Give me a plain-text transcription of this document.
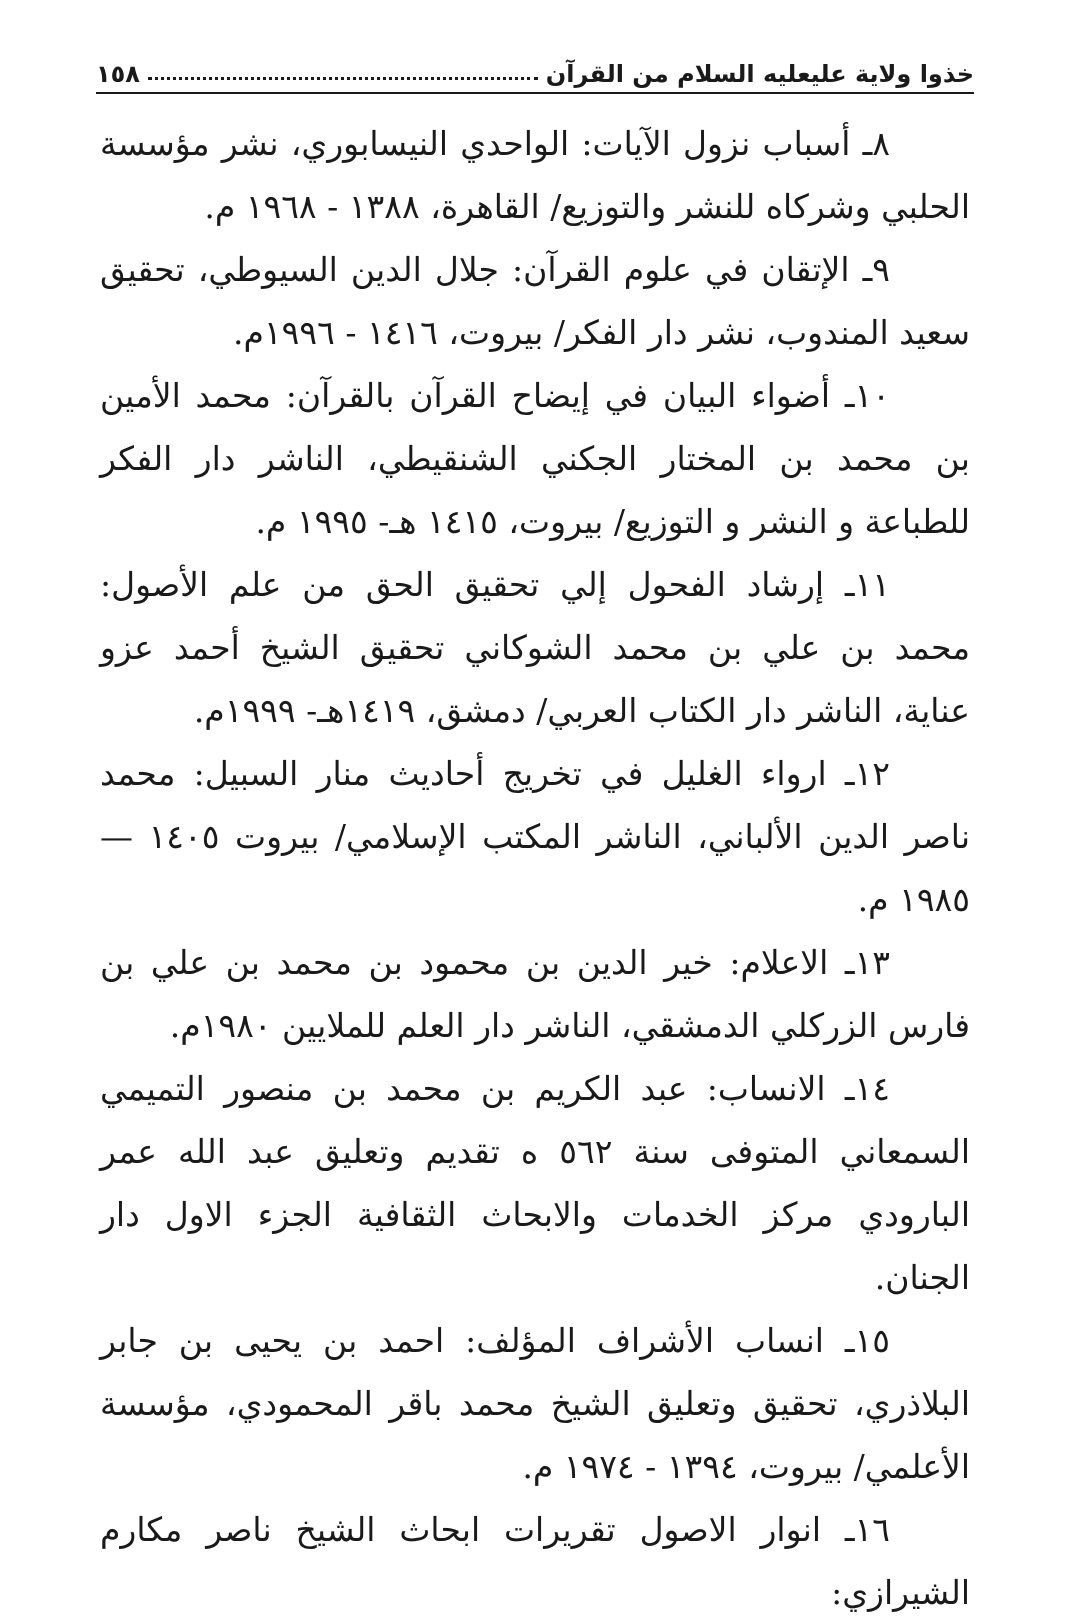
خذوا ولاية عليعليه السلام من القرآن
١٥٨

٨ـ أسباب نزول الآيات: الواحدي النيسابوري، نشر مؤسسة الحلبي وشركاه للنشر والتوزيع/ القاهرة، ١٣٨٨ - ١٩٦٨ م.

٩ـ الإتقان في علوم القرآن: جلال الدين السيوطي، تحقيق سعيد المندوب، نشر دار الفكر/ بيروت، ١٤١٦ - ١٩٩٦م.

١٠ـ أضواء البيان في إيضاح القرآن بالقرآن: محمد الأمين بن محمد بن المختار الجكني الشنقيطي، الناشر دار الفكر للطباعة و النشر و التوزيع/ بيروت، ١٤١٥ هـ- ١٩٩٥ م.

١١ـ إرشاد الفحول إلي تحقيق الحق من علم الأصول: محمد بن علي بن محمد الشوكاني تحقيق الشيخ أحمد عزو عناية، الناشر دار الكتاب العربي/ دمشق، ١٤١٩هـ- ١٩٩٩م.

١٢ـ ارواء الغليل في تخريج أحاديث منار السبيل: محمد ناصر الدين الألباني، الناشر المكتب الإسلامي/ بيروت ١٤٠٥ — ١٩٨٥ م.

١٣ـ الاعلام: خير الدين بن محمود بن محمد بن علي بن فارس الزركلي الدمشقي، الناشر دار العلم للملايين ١٩٨٠م.

١٤ـ الانساب: عبد الكريم بن محمد بن منصور التميمي السمعاني المتوفى سنة ٥٦٢ ه تقديم وتعليق عبد الله عمر البارودي مركز الخدمات والابحاث الثقافية الجزء الاول دار الجنان.

١٥ـ انساب الأشراف المؤلف: احمد بن يحيى بن جابر البلاذري، تحقيق وتعليق الشيخ محمد باقر المحمودي، مؤسسة الأعلمي/ بيروت، ١٣٩٤ - ١٩٧٤ م.

١٦ـ انوار الاصول تقريرات ابحاث الشيخ ناصر مكارم الشيرازي:
